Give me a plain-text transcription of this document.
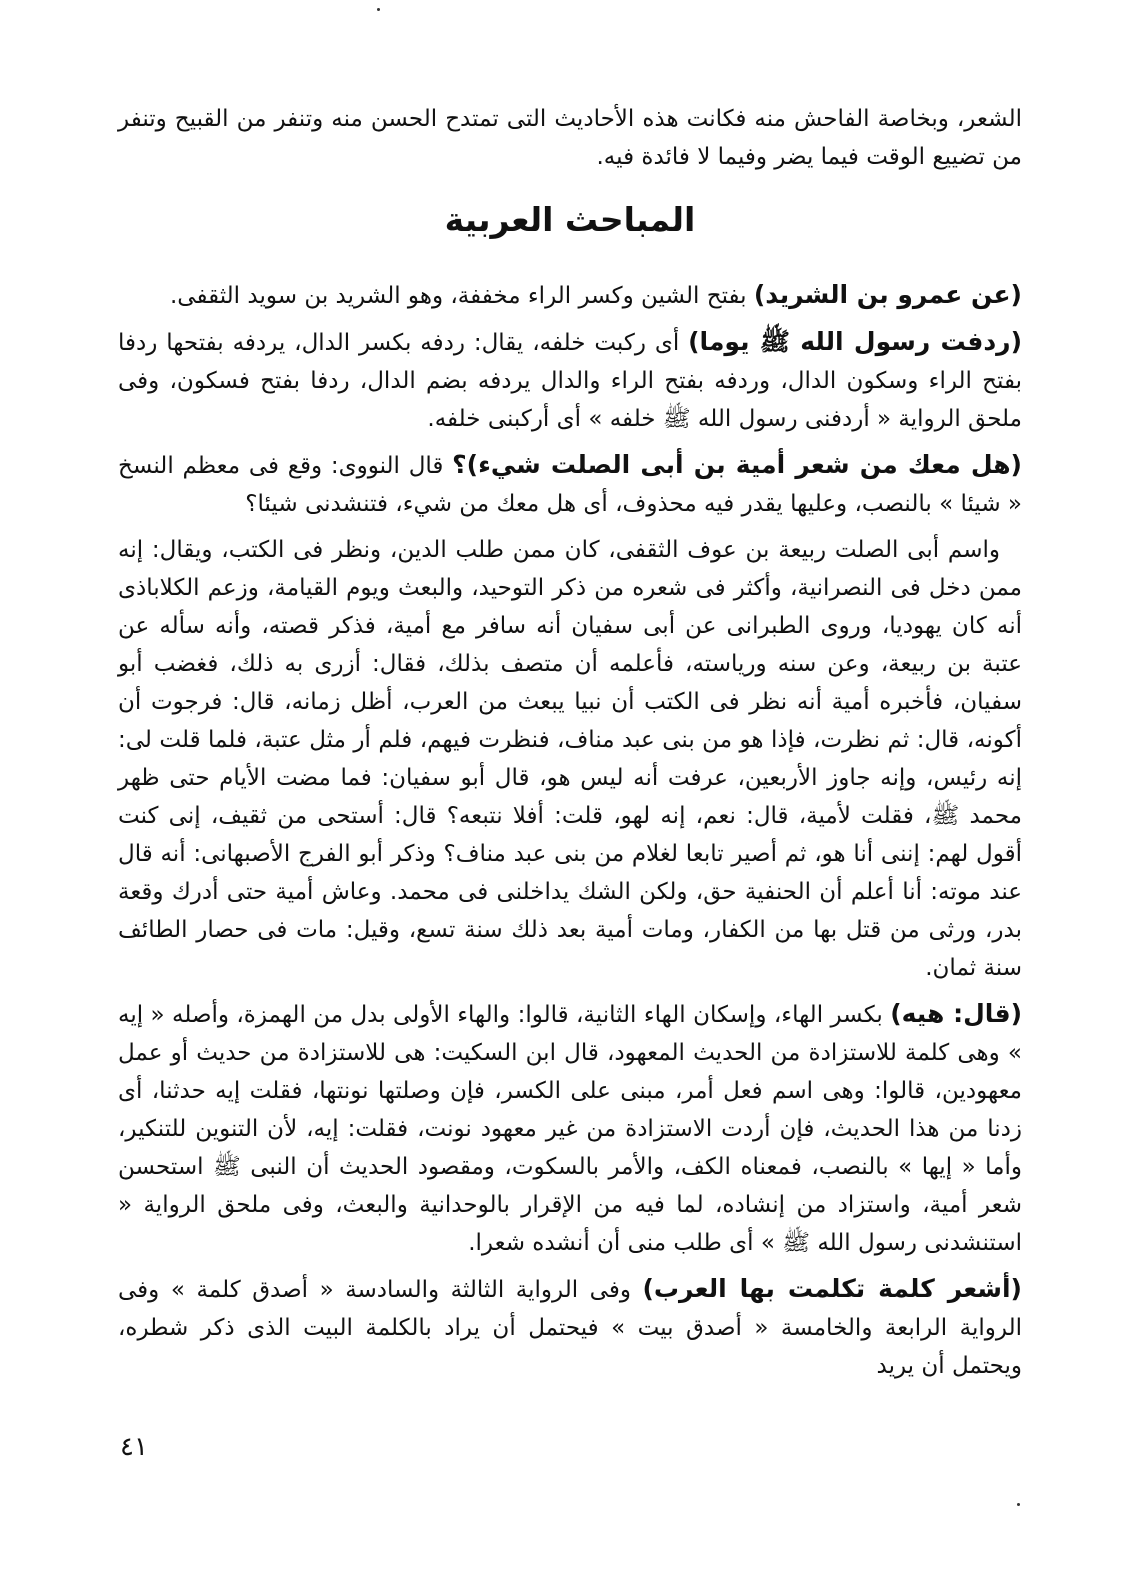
الشعر، وبخاصة الفاحش منه فكانت هذه الأحاديث التى تمتدح الحسن منه وتنفر من القبيح وتنفر من تضييع الوقت فيما يضر وفيما لا فائدة فيه.

المباحث العربية

(عن عمرو بن الشريد) بفتح الشين وكسر الراء مخففة، وهو الشريد بن سويد الثقفى.

(ردفت رسول الله ﷺ يوما) أى ركبت خلفه، يقال: ردفه بكسر الدال، يردفه بفتحها ردفا بفتح الراء وسكون الدال، وردفه بفتح الراء والدال يردفه بضم الدال، ردفا بفتح فسكون، وفى ملحق الرواية « أردفنى رسول الله ﷺ خلفه » أى أركبنى خلفه.

(هل معك من شعر أمية بن أبى الصلت شيء)؟ قال النووى: وقع فى معظم النسخ « شيئا » بالنصب، وعليها يقدر فيه محذوف، أى هل معك من شيء، فتنشدنى شيئا؟

واسم أبى الصلت ربيعة بن عوف الثقفى، كان ممن طلب الدين، ونظر فى الكتب، ويقال: إنه ممن دخل فى النصرانية، وأكثر فى شعره من ذكر التوحيد، والبعث ويوم القيامة، وزعم الكلاباذى أنه كان يهوديا، وروى الطبرانى عن أبى سفيان أنه سافر مع أمية، فذكر قصته، وأنه سأله عن عتبة بن ربيعة، وعن سنه ورياسته، فأعلمه أن متصف بذلك، فقال: أزرى به ذلك، فغضب أبو سفيان، فأخبره أمية أنه نظر فى الكتب أن نبيا يبعث من العرب، أظل زمانه، قال: فرجوت أن أكونه، قال: ثم نظرت، فإذا هو من بنى عبد مناف، فنظرت فيهم، فلم أر مثل عتبة، فلما قلت لى: إنه رئيس، وإنه جاوز الأربعين، عرفت أنه ليس هو، قال أبو سفيان: فما مضت الأيام حتى ظهر محمد ﷺ، فقلت لأمية، قال: نعم، إنه لهو، قلت: أفلا نتبعه؟ قال: أستحى من ثقيف، إنى كنت أقول لهم: إننى أنا هو، ثم أصير تابعا لغلام من بنى عبد مناف؟ وذكر أبو الفرج الأصبهانى: أنه قال عند موته: أنا أعلم أن الحنفية حق، ولكن الشك يداخلنى فى محمد. وعاش أمية حتى أدرك وقعة بدر، ورثى من قتل بها من الكفار، ومات أمية بعد ذلك سنة تسع، وقيل: مات فى حصار الطائف سنة ثمان.

(قال: هيه) بكسر الهاء، وإسكان الهاء الثانية، قالوا: والهاء الأولى بدل من الهمزة، وأصله « إيه » وهى كلمة للاستزادة من الحديث المعهود، قال ابن السكيت: هى للاستزادة من حديث أو عمل معهودين، قالوا: وهى اسم فعل أمر، مبنى على الكسر، فإن وصلتها نونتها، فقلت إيه حدثنا، أى زدنا من هذا الحديث، فإن أردت الاستزادة من غير معهود نونت، فقلت: إيه، لأن التنوين للتنكير، وأما « إيها » بالنصب، فمعناه الكف، والأمر بالسكوت، ومقصود الحديث أن النبى ﷺ استحسن شعر أمية، واستزاد من إنشاده، لما فيه من الإقرار بالوحدانية والبعث، وفى ملحق الرواية « استنشدنى رسول الله ﷺ » أى طلب منى أن أنشده شعرا.

(أشعر كلمة تكلمت بها العرب) وفى الرواية الثالثة والسادسة « أصدق كلمة » وفى الرواية الرابعة والخامسة « أصدق بيت » فيحتمل أن يراد بالكلمة البيت الذى ذكر شطره، ويحتمل أن يريد

٤١
